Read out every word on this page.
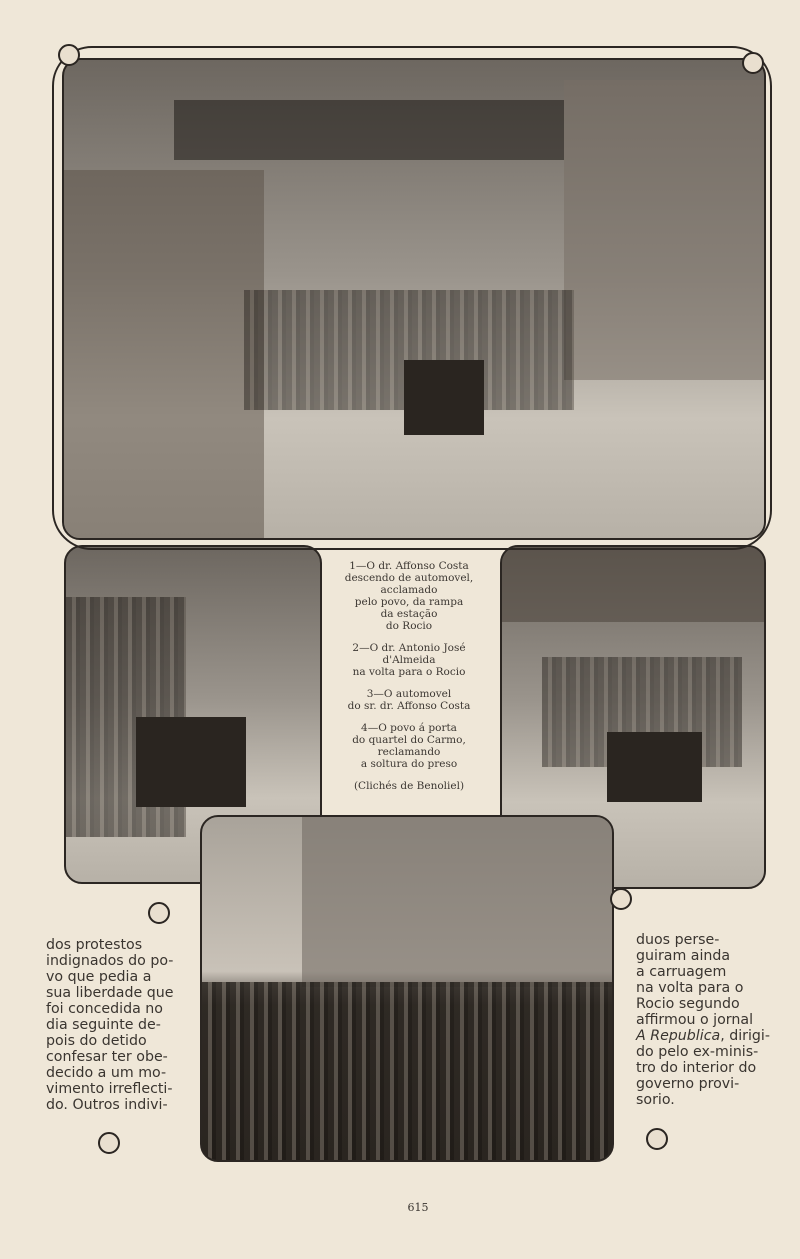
1—O dr. Affonso Costa
descendo de automovel,
acclamado
pelo povo, da rampa
da estação
do Rocio

2—O dr. Antonio José
d'Almeida
na volta para o Rocio

3—O automovel
do sr. dr. Affonso Costa

4—O povo á porta
do quartel do Carmo,
reclamando
a soltura do preso

(Clichés de Benoliel)

dos protestos
indignados do po-
vo que pedia a
sua liberdade que
foi concedida no
dia seguinte de-
pois do detido
confesar ter obe-
decido a um mo-
vimento irreflecti-
do. Outros indivi-
duos perse-
guiram ainda
a carruagem
na volta para o
Rocio segundo
affirmou o jornal
A Republica, dirigi-
do pelo ex-minis-
tro do interior do
governo provi-
sorio.
615
